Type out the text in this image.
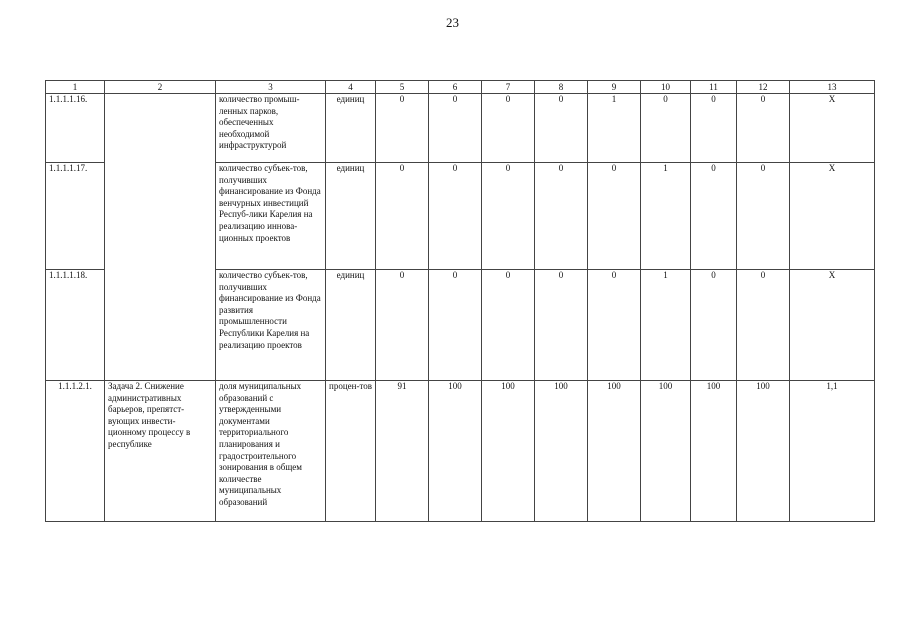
23
1	2	3	4	5	6	7	8	9	10	11	12	13
1.1.1.1.16.		количество промыш-ленных парков, обеспеченных необходимой инфраструктурой	единиц	0	0	0	0	1	0	0	0	Х
1.1.1.1.17.		количество субъек-тов, получивших финансирование из Фонда венчурных инвестиций Респуб-лики Карелия на реализацию иннова-ционных проектов	единиц	0	0	0	0	0	1	0	0	Х
1.1.1.1.18.		количество субъек-тов, получивших финансирование из Фонда развития промышленности Республики Карелия на реализацию проектов	единиц	0	0	0	0	0	1	0	0	Х
1.1.1.2.1.	Задача 2. Снижение административных барьеров, препятст-вующих инвести-ционному процессу в республике	доля муниципальных образований с утвержденными документами территориального планирования и градостроительного зонирования в общем количестве муниципальных образований	процен-тов	91	100	100	100	100	100	100	100	1,1
